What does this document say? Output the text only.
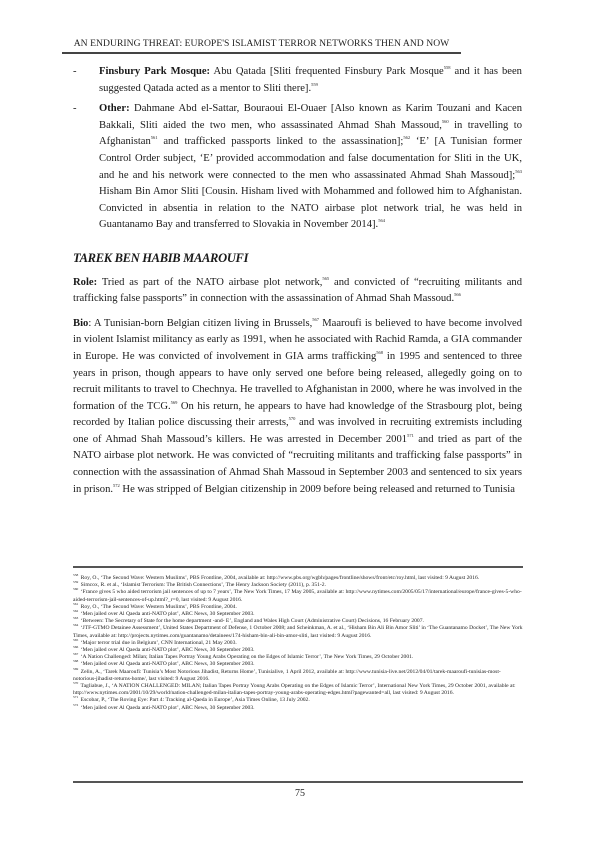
AN ENDURING THREAT: EUROPE'S ISLAMIST TERROR NETWORKS THEN AND NOW
- Finsbury Park Mosque: Abu Qatada [Sliti frequented Finsbury Park Mosque$^{558}$ and it has been suggested Qatada acted as a mentor to Sliti there].$^{559}$
- Other: Dahmane Abd el-Sattar, Bouraoui El-Ouaer [Also known as Karim Touzani and Kacen Bakkali, Sliti aided the two men, who assassinated Ahmad Shah Massoud,$^{560}$ in travelling to Afghanistan$^{561}$ and trafficked passports linked to the assassination];$^{562}$ ‘E’ [A Tunisian former Control Order subject, ‘E’ provided accommodation and false documentation for Sliti in the UK, and he and his network were connected to the men who assassinated Ahmad Shah Massoud];$^{563}$ Hisham Bin Amor Sliti [Cousin. Hisham lived with Mohammed and followed him to Afghanistan. Convicted in absentia in relation to the NATO airbase plot network trial, he was held in Guantanamo Bay and transferred to Slovakia in November 2014].$^{564}$
TAREK BEN HABIB MAAROUFI
Role: Tried as part of the NATO airbase plot network,$^{565}$ and convicted of “recruiting militants and trafficking false passports” in connection with the assassination of Ahmad Shah Massoud.$^{566}$
Bio: A Tunisian-born Belgian citizen living in Brussels,$^{567}$ Maaroufi is believed to have become involved in violent Islamist militancy as early as 1991, when he associated with Rachid Ramda, a GIA commander in Europe. He was convicted of involvement in GIA arms trafficking$^{568}$ in 1995 and sentenced to three years in prison, though appears to have only served one before being released, allegedly going on to recruit militants to travel to Chechnya. He travelled to Afghanistan in 2000, where he was involved in the formation of the TCG.$^{569}$ On his return, he appears to have had knowledge of the Strasbourg plot, being recorded by Italian police discussing their arrests,$^{570}$ and was involved in recruiting extremists including one of Ahmad Shah Massoud’s killers. He was arrested in December 2001$^{571}$ and tried as part of the NATO airbase plot network. He was convicted of “recruiting militants and trafficking false passports” in connection with the assassination of Ahmad Shah Massoud in September 2003 and sentenced to six years in prison.$^{572}$ He was stripped of Belgian citizenship in 2009 before being released and returned to Tunisia
$^{558}$ Roy, O., ‘The Second Wave: Western Muslims’, PBS Frontline, 2004, available at: http://www.pbs.org/wgbh/pages/frontline/shows/front/etc/roy.html, last visited: 9 August 2016.
$^{559}$ Simcox, R. et al., ‘Islamist Terrorism: The British Connections’, The Henry Jackson Society (2011), p. 351-2.
$^{560}$ ‘France gives 5 who aided terrorism jail sentences of up to 7 years’, The New York Times, 17 May 2005, available at: http://www.nytimes.com/2005/05/17/international/europe/france-gives-5-who-aided-terrorism-jail-sentences-of-up.html?_r=0, last visited: 9 August 2016.
$^{561}$ Roy, O., ‘The Second Wave: Western Muslims’, PBS Frontline, 2004.
$^{562}$ ‘Men jailed over Al Qaeda anti-NATO plot’, ABC News, 30 September 2003.
$^{563}$ ‘Between: The Secretary of State for the home department -and- E’, England and Wales High Court (Administrative Court) Decisions, 16 February 2007.
$^{564}$ ‘JTF-GTMO Detainee Assessment’, United States Department of Defense, 1 October 2008; and Scheinkman, A. et al., ‘Hisham Bin Ali Bin Amor Sliti’ in ‘The Guantanamo Docket’, The New York Times, available at: http://projects.nytimes.com/guantanamo/detainees/174-hisham-bin-ali-bin-amor-sliti, last visited: 9 August 2016.
$^{565}$ ‘Major terror trial due in Belgium’, CNN International, 21 May 2003.
$^{566}$ ‘Men jailed over Al Qaeda anti-NATO plot’, ABC News, 30 September 2003.
$^{567}$ ‘A Nation Challenged: Milan; Italian Tapes Portray Young Arabs Operating on the Edges of Islamic Terror’, The New York Times, 29 October 2001.
$^{568}$ ‘Men jailed over Al Qaeda anti-NATO plot’, ABC News, 30 September 2003.
$^{569}$ Zelin, A., ‘Tarek Maaroufi: Tunisia’s Most Notorious Jihadist, Returns Home’, Tunisialive, 1 April 2012, available at: http://www.tunisia-live.net/2012/04/01/tarek-maaroufi-tunisias-most-notorious-jihadist-returns-home/, last visited: 9 August 2016.
$^{570}$ Tagliabue, J., ‘A NATION CHALLENGED: MILAN; Italian Tapes Portray Young Arabs Operating on the Edges of Islamic Terror’, International New York Times, 29 October 2001, available at: http://www.nytimes.com/2001/10/29/world/nation-challenged-milan-italian-tapes-portray-young-arabs-operating-edges.html?pagewanted=all, last visited: 9 August 2016.
$^{571}$ Escobar, P., ‘The Roving Eye: Part 4: Tracking al-Qaeda in Europe’, Asia Times Online, 13 July 2002.
$^{572}$ ‘Men jailed over Al Qaeda anti-NATO plot’, ABC News, 30 September 2003.
75
